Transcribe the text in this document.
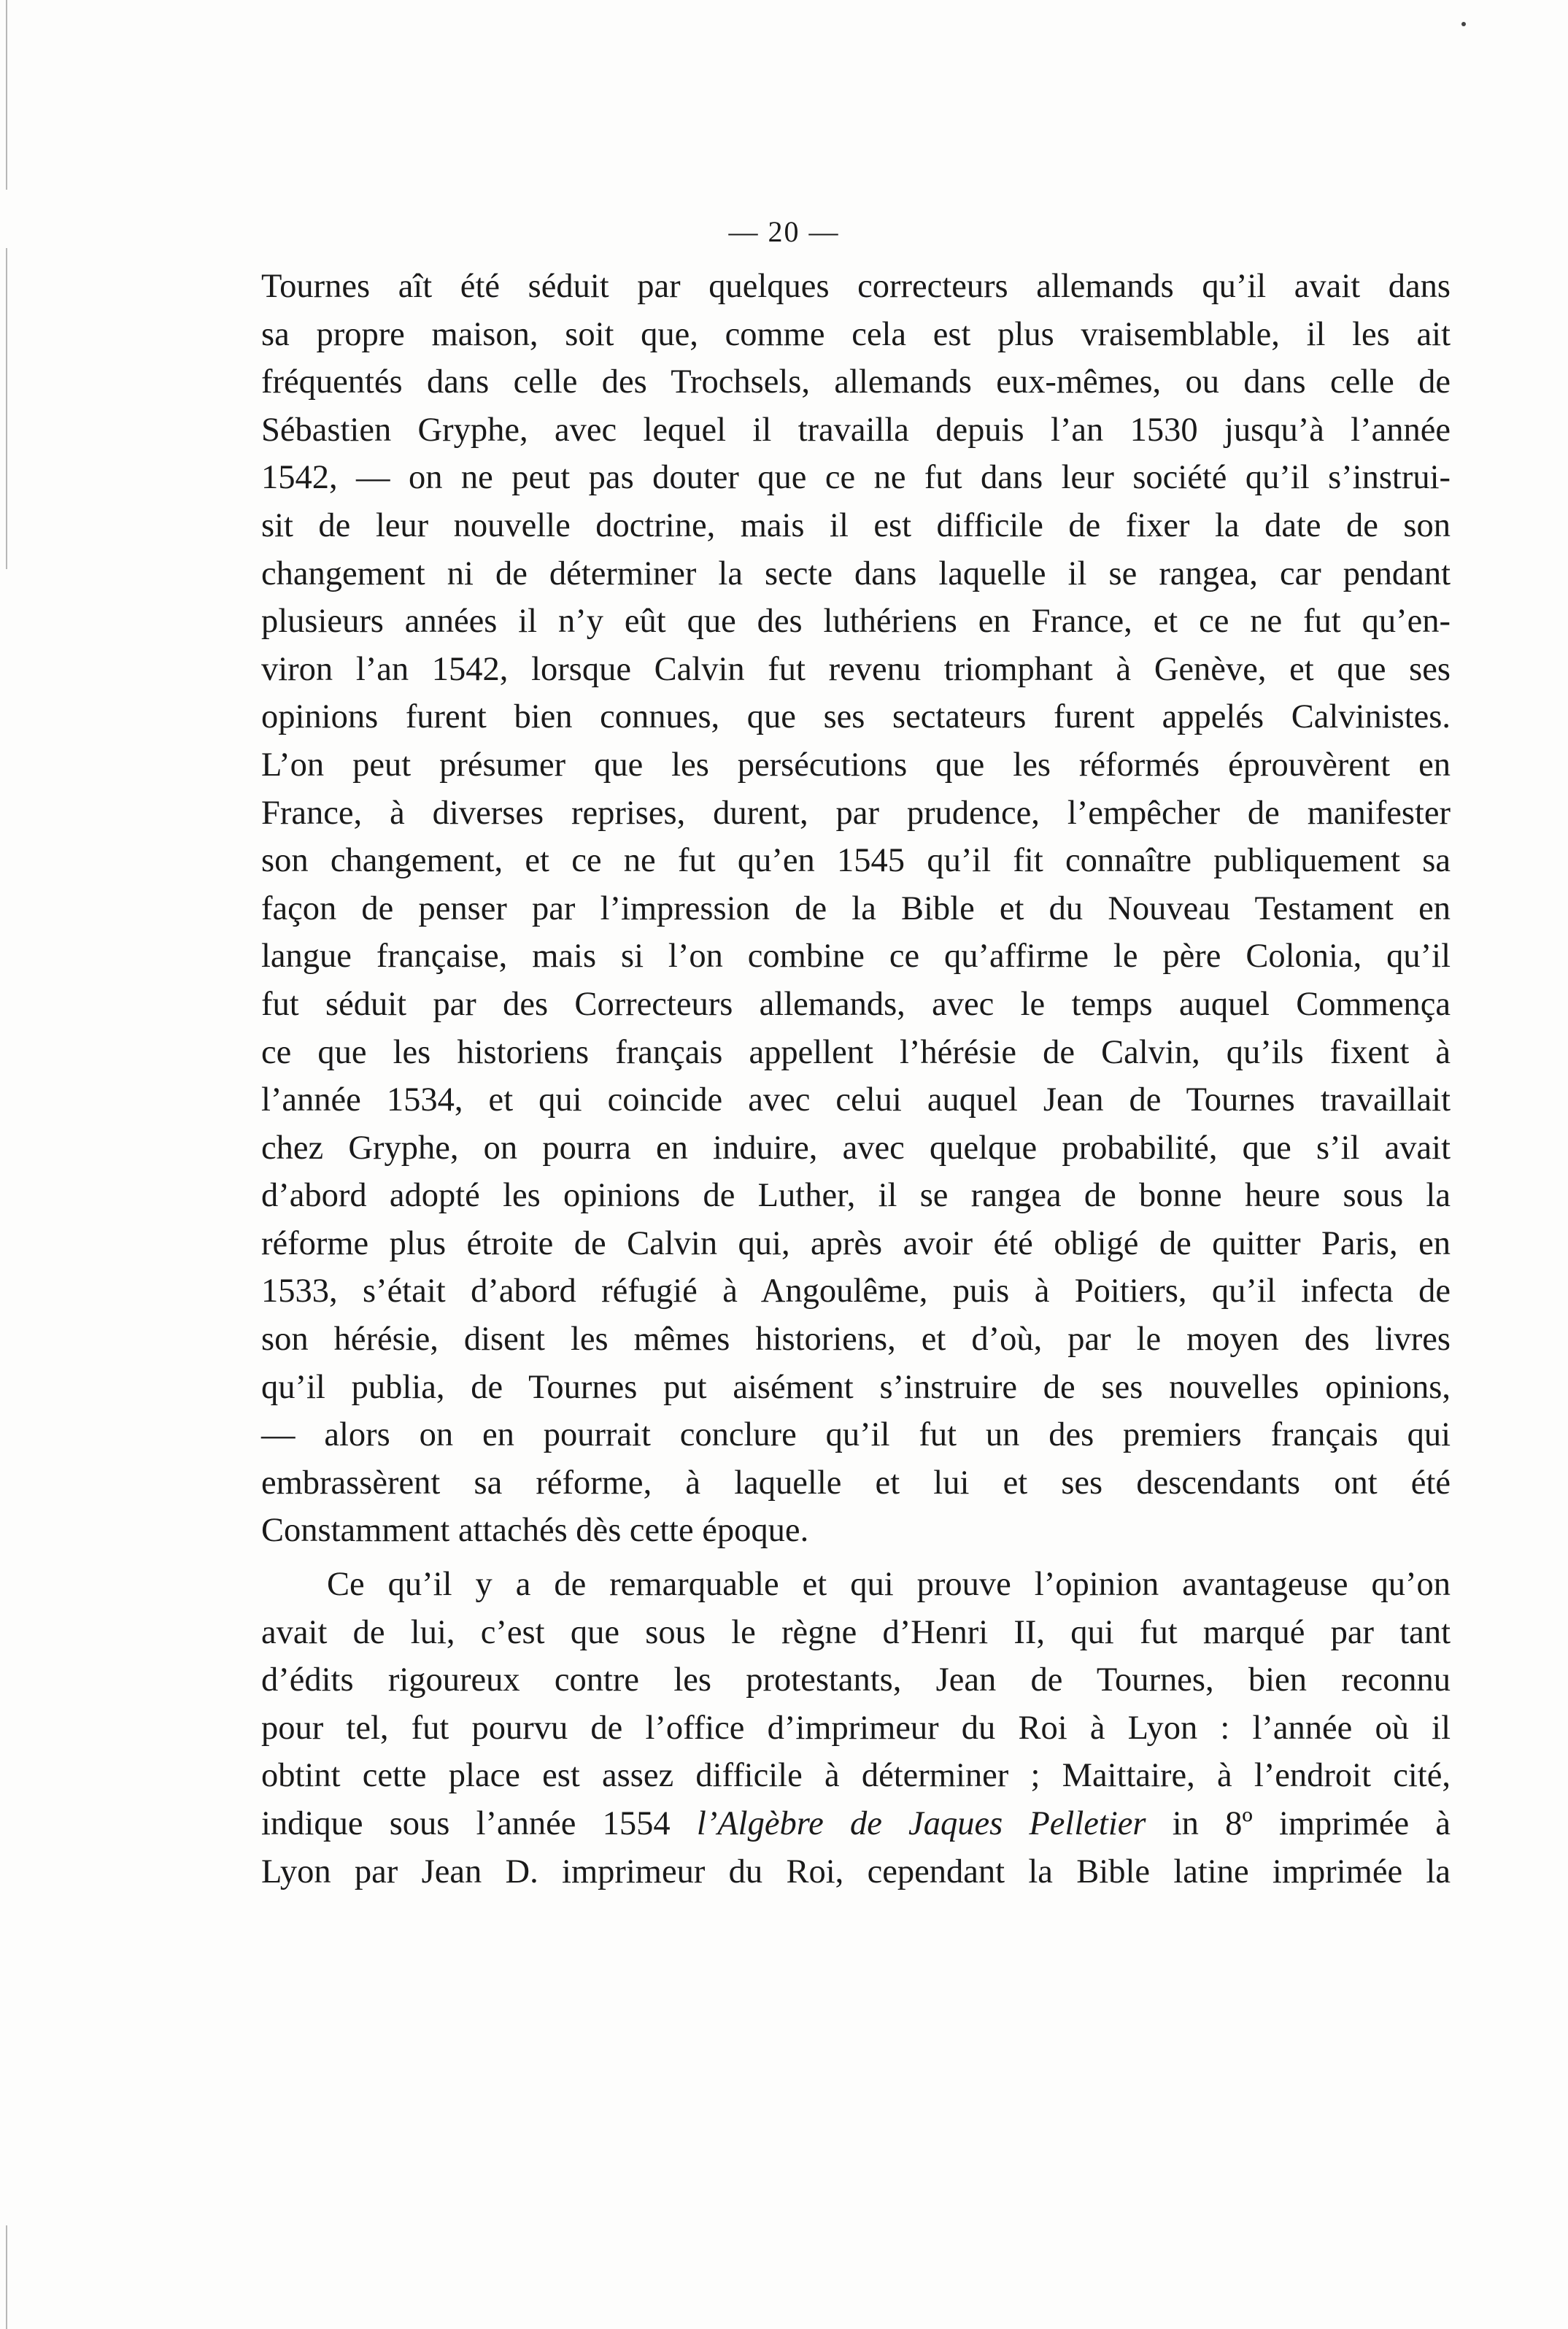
— 20 —
Tournes aît été séduit par quelques correcteurs allemands qu’il avait dans
sa propre maison, soit que, comme cela est plus vraisemblable, il les ait
fréquentés dans celle des Trochsels, allemands eux-mêmes, ou dans celle de
Sébastien Gryphe, avec lequel il travailla depuis l’an 1530 jusqu’à l’année
1542, — on ne peut pas douter que ce ne fut dans leur société qu’il s’instrui-
sit de leur nouvelle doctrine, mais il est difficile de fixer la date de son
changement ni de déterminer la secte dans laquelle il se rangea, car pendant
plusieurs années il n’y eût que des luthériens en France, et ce ne fut qu’en-
viron l’an 1542, lorsque Calvin fut revenu triomphant à Genève, et que ses
opinions furent bien connues, que ses sectateurs furent appelés Calvinistes.
L’on peut présumer que les persécutions que les réformés éprouvèrent en
France, à diverses reprises, durent, par prudence, l’empêcher de manifester
son changement, et ce ne fut qu’en 1545 qu’il fit connaître publiquement sa
façon de penser par l’impression de la Bible et du Nouveau Testament en
langue française, mais si l’on combine ce qu’affirme le père Colonia, qu’il
fut séduit par des Correcteurs allemands, avec le temps auquel Commença
ce que les historiens français appellent l’hérésie de Calvin, qu’ils fixent à
l’année 1534, et qui coincide avec celui auquel Jean de Tournes travaillait
chez Gryphe, on pourra en induire, avec quelque probabilité, que s’il avait
d’abord adopté les opinions de Luther, il se rangea de bonne heure sous la
réforme plus étroite de Calvin qui, après avoir été obligé de quitter Paris, en
1533, s’était d’abord réfugié à Angoulême, puis à Poitiers, qu’il infecta de
son hérésie, disent les mêmes historiens, et d’où, par le moyen des livres
qu’il publia, de Tournes put aisément s’instruire de ses nouvelles opinions,
— alors on en pourrait conclure qu’il fut un des premiers français qui
embrassèrent sa réforme, à laquelle et lui et ses descendants ont été
Constamment attachés dès cette époque.
Ce qu’il y a de remarquable et qui prouve l’opinion avantageuse qu’on
avait de lui, c’est que sous le règne d’Henri II, qui fut marqué par tant
d’édits rigoureux contre les protestants, Jean de Tournes, bien reconnu
pour tel, fut pourvu de l’office d’imprimeur du Roi à Lyon : l’année où il
obtint cette place est assez difficile à déterminer ; Maittaire, à l’endroit cité,
indique sous l’année 1554 l’Algèbre de Jaques Pelletier in 8º imprimée à
Lyon par Jean D. imprimeur du Roi, cependant la Bible latine imprimée la
